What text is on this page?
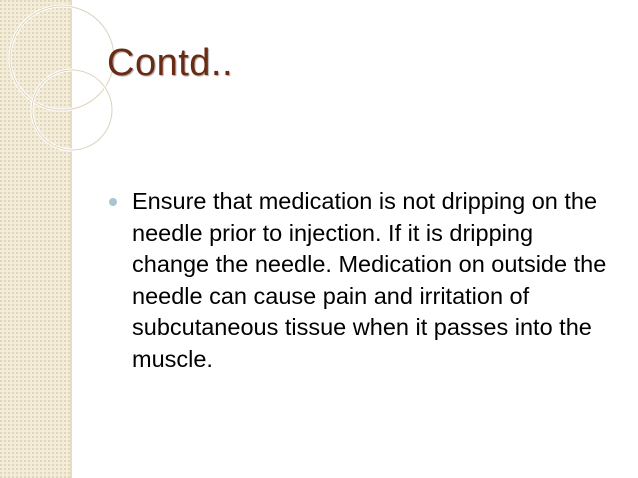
Contd..
Ensure that medication is not dripping on the needle prior to injection. If it is dripping change the needle. Medication on outside the needle can cause pain and irritation of subcutaneous tissue when it passes into the muscle.
